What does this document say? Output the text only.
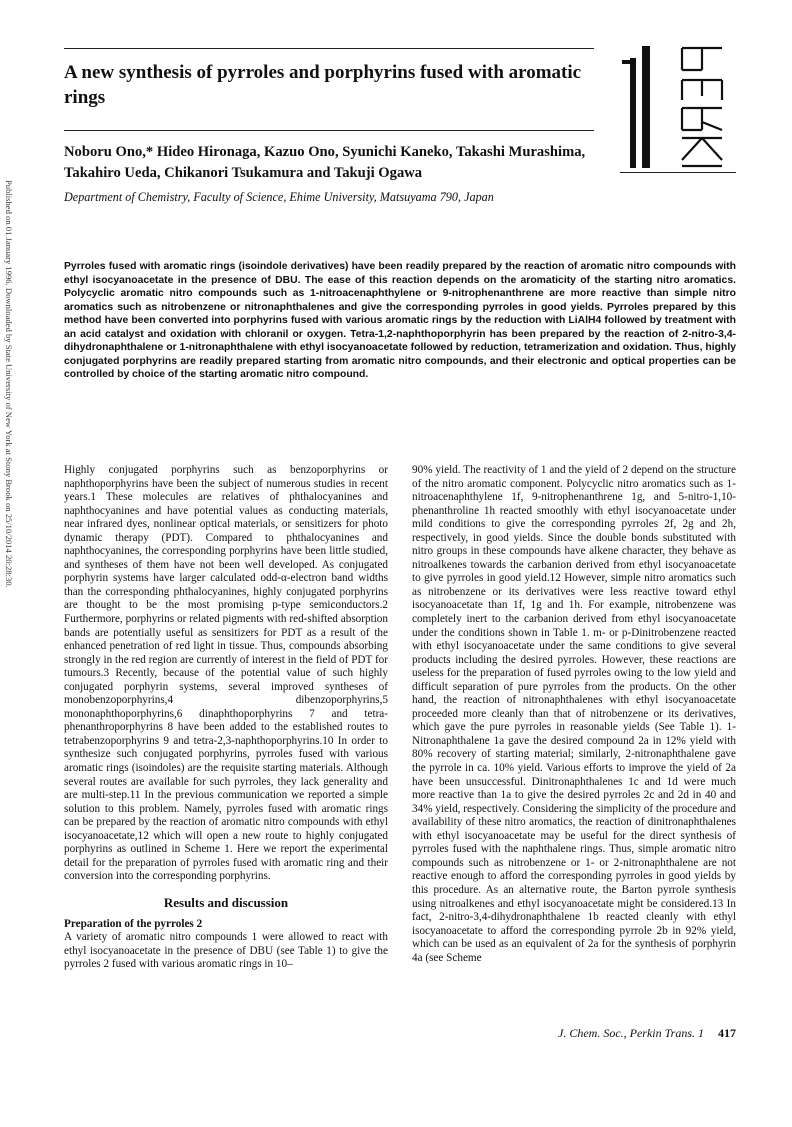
Published on 01 January 1996. Downloaded by State University of New York at Stony Brook on 25/10/2014 20:28:30.
A new synthesis of pyrroles and porphyrins fused with aromatic rings

Noboru Ono,* Hideo Hironaga, Kazuo Ono, Syunichi Kaneko, Takashi Murashima, Takahiro Ueda, Chikanori Tsukamura and Takuji Ogawa

Department of Chemistry, Faculty of Science, Ehime University, Matsuyama 790, Japan

Pyrroles fused with aromatic rings (isoindole derivatives) have been readily prepared by the reaction of aromatic nitro compounds with ethyl isocyanoacetate in the presence of DBU. The ease of this reaction depends on the aromaticity of the starting nitro aromatics. Polycyclic aromatic nitro compounds such as 1-nitroacenaphthylene or 9-nitrophenanthrene are more reactive than simple nitro aromatics such as nitrobenzene or nitronaphthalenes and give the corresponding pyrroles in good yields. Pyrroles prepared by this method have been converted into porphyrins fused with various aromatic rings by the reduction with LiAlH4 followed by treatment with an acid catalyst and oxidation with chloranil or oxygen. Tetra-1,2-naphthoporphyrin has been prepared by the reaction of 2-nitro-3,4-dihydronaphthalene or 1-nitronaphthalene with ethyl isocyanoacetate followed by reduction, tetramerization and oxidation. Thus, highly conjugated porphyrins are readily prepared starting from aromatic nitro compounds, and their electronic and optical properties can be controlled by choice of the starting aromatic nitro compound.

Highly conjugated porphyrins such as benzoporphyrins or naphthoporphyrins have been the subject of numerous studies in recent years.1 These molecules are relatives of phthalocyanines and naphthocyanines and have potential values as conducting materials, near infrared dyes, nonlinear optical materials, or sensitizers for photo dynamic therapy (PDT). Compared to phthalocyanines and naphthocyanines, the corresponding porphyrins have been little studied, and syntheses of them have not been well developed. As conjugated porphyrin systems have larger calculated odd-α-electron band widths than the corresponding phthalocyanines, highly conjugated porphyrins are thought to be the most promising p-type semiconductors.2 Furthermore, porphyrins or related pigments with red-shifted absorption bands are potentially useful as sensitizers for PDT as a result of the enhanced penetration of red light in tissue. Thus, compounds absorbing strongly in the red region are currently of interest in the field of PDT for tumours.3 Recently, because of the potential value of such highly conjugated porphyrin systems, several improved syntheses of monobenzoporphyrins,4 dibenzoporphyrins,5 mononaphthoporphyrins,6 dinaphthoporphyrins 7 and tetra-phenanthroporphyrins 8 have been added to the established routes to tetrabenzoporphyrins 9 and tetra-2,3-naphthoporphyrins.10 In order to synthesize such conjugated porphyrins, pyrroles fused with various aromatic rings (isoindoles) are the requisite starting materials. Although several routes are available for such pyrroles, they lack generality and are multi-step.11 In the previous communication we reported a simple solution to this problem. Namely, pyrroles fused with aromatic rings can be prepared by the reaction of aromatic nitro compounds with ethyl isocyanoacetate,12 which will open a new route to highly conjugated porphyrins as outlined in Scheme 1. Here we report the experimental detail for the preparation of pyrroles fused with aromatic ring and their conversion into the corresponding porphyrins.

Results and discussion

Preparation of the pyrroles 2

A variety of aromatic nitro compounds 1 were allowed to react with ethyl isocyanoacetate in the presence of DBU (see Table 1) to give the pyrroles 2 fused with various aromatic rings in 10–

90% yield. The reactivity of 1 and the yield of 2 depend on the structure of the nitro aromatic component. Polycyclic nitro aromatics such as 1-nitroacenaphthylene 1f, 9-nitrophenanthrene 1g, and 5-nitro-1,10-phenanthroline 1h reacted smoothly with ethyl isocyanoacetate under mild conditions to give the corresponding pyrroles 2f, 2g and 2h, respectively, in good yields. Since the double bonds substituted with nitro groups in these compounds have alkene character, they behave as nitroalkenes towards the carbanion derived from ethyl isocyanoacetate to give pyrroles in good yield.12 However, simple nitro aromatics such as nitrobenzene or its derivatives were less reactive toward ethyl isocyanoacetate than 1f, 1g and 1h. For example, nitrobenzene was completely inert to the carbanion derived from ethyl isocyanoacetate under the conditions shown in Table 1. m- or p-Dinitrobenzene reacted with ethyl isocyanoacetate under the same conditions to give several products including the desired pyrroles. However, these reactions are useless for the preparation of fused pyrroles owing to the low yield and difficult separation of pure pyrroles from the products. On the other hand, the reaction of nitronaphthalenes with ethyl isocyanoacetate proceeded more cleanly than that of nitrobenzene or its derivatives, which gave the pure pyrroles in reasonable yields (See Table 1). 1-Nitronaphthalene 1a gave the desired compound 2a in 12% yield with 80% recovery of starting material; similarly, 2-nitronaphthalene gave the pyrrole in ca. 10% yield. Various efforts to improve the yield of 2a have been unsuccessful. Dinitronaphthalenes 1c and 1d were much more reactive than 1a to give the desired pyrroles 2c and 2d in 40 and 34% yield, respectively. Considering the simplicity of the procedure and availability of these nitro aromatics, the reaction of dinitronaphthalenes with ethyl isocyanoacetate may be useful for the direct synthesis of pyrroles fused with the naphthalene rings. Thus, simple aromatic nitro compounds such as nitrobenzene or 1- or 2-nitronaphthalene are not reactive enough to afford the corresponding pyrroles in good yields by this procedure. As an alternative route, the Barton pyrrole synthesis using nitroalkenes and ethyl isocyanoacetate might be considered.13 In fact, 2-nitro-3,4-dihydronaphthalene 1b reacted cleanly with ethyl isocyanoacetate to afford the corresponding pyrrole 2b in 92% yield, which can be used as an equivalent of 2a for the synthesis of porphyrin 4a (see Scheme

J. Chem. Soc., Perkin Trans. 1 417
